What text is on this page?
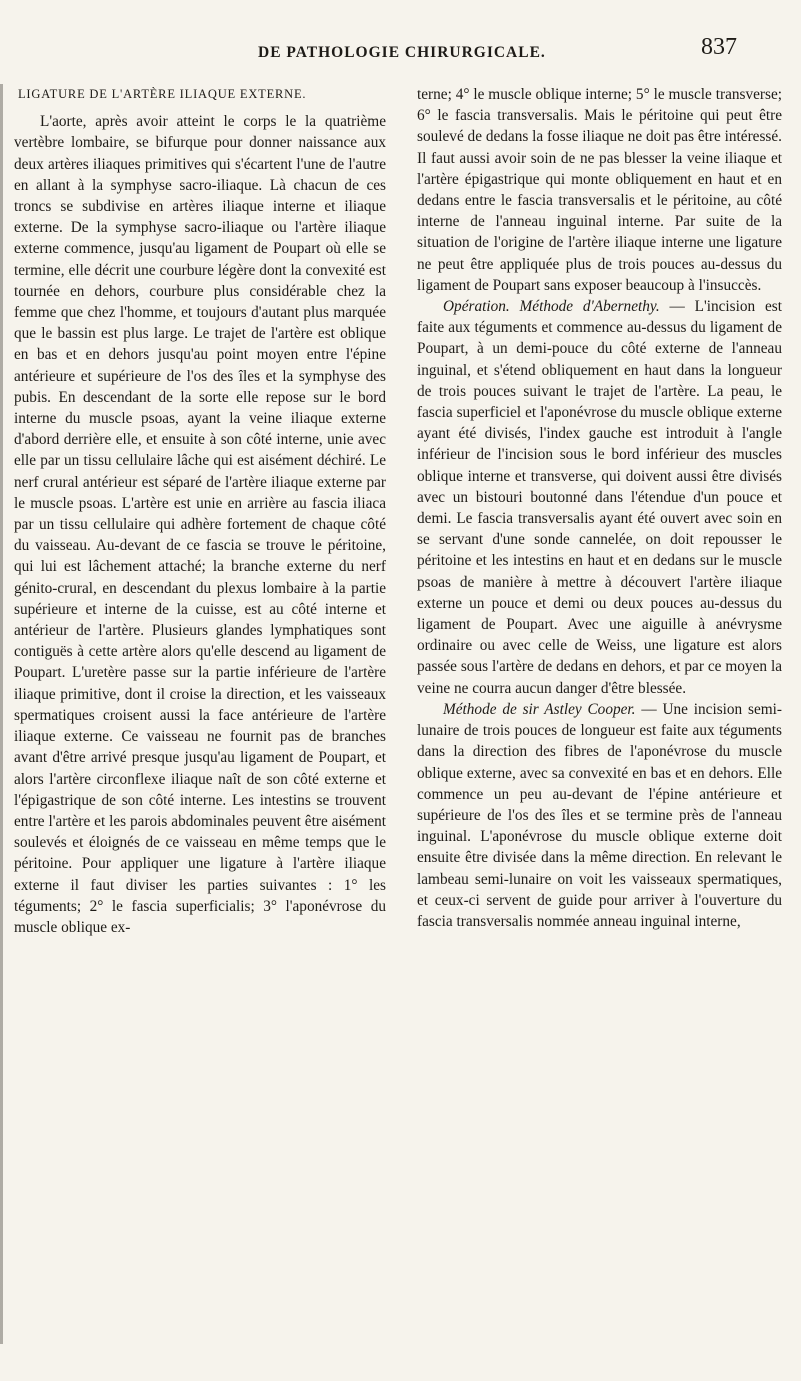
DE PATHOLOGIE CHIRURGICALE.	837
LIGATURE DE L'ARTÈRE ILIAQUE EXTERNE.

L'aorte, après avoir atteint le corps le la quatrième vertèbre lombaire, se bifurque pour donner naissance aux deux artères iliaques primitives qui s'écartent l'une de l'autre en allant à la symphyse sacro-iliaque. Là chacun de ces troncs se subdivise en artères iliaque interne et iliaque externe. De la symphyse sacro-iliaque ou l'artère iliaque externe commence, jusqu'au ligament de Poupart où elle se termine, elle décrit une courbure légère dont la convexité est tournée en dehors, courbure plus considérable chez la femme que chez l'homme, et toujours d'autant plus marquée que le bassin est plus large. Le trajet de l'artère est oblique en bas et en dehors jusqu'au point moyen entre l'épine antérieure et supérieure de l'os des îles et la symphyse des pubis. En descendant de la sorte elle repose sur le bord interne du muscle psoas, ayant la veine iliaque externe d'abord derrière elle, et ensuite à son côté interne, unie avec elle par un tissu cellulaire lâche qui est aisément déchiré. Le nerf crural antérieur est séparé de l'artère iliaque externe par le muscle psoas. L'artère est unie en arrière au fascia iliaca par un tissu cellulaire qui adhère fortement de chaque côté du vaisseau. Au-devant de ce fascia se trouve le péritoine, qui lui est lâchement attaché; la branche externe du nerf génito-crural, en descendant du plexus lombaire à la partie supérieure et interne de la cuisse, est au côté interne et antérieur de l'artère. Plusieurs glandes lymphatiques sont contiguës à cette artère alors qu'elle descend au ligament de Poupart. L'uretère passe sur la partie inférieure de l'artère iliaque primitive, dont il croise la direction, et les vaisseaux spermatiques croisent aussi la face antérieure de l'artère iliaque externe. Ce vaisseau ne fournit pas de branches avant d'être arrivé presque jusqu'au ligament de Poupart, et alors l'artère circonflexe iliaque naît de son côté externe et l'épigastrique de son côté interne. Les intestins se trouvent entre l'artère et les parois abdominales peuvent être aisément soulevés et éloignés de ce vaisseau en même temps que le péritoine. Pour appliquer une ligature à l'artère iliaque externe il faut diviser les parties suivantes : 1° les téguments; 2° le fascia superficialis; 3° l'aponévrose du muscle oblique ex-

terne; 4° le muscle oblique interne; 5° le muscle transverse; 6° le fascia transversalis. Mais le péritoine qui peut être soulevé de dedans la fosse iliaque ne doit pas être intéressé. Il faut aussi avoir soin de ne pas blesser la veine iliaque et l'artère épigastrique qui monte obliquement en haut et en dedans entre le fascia transversalis et le péritoine, au côté interne de l'anneau inguinal interne. Par suite de la situation de l'origine de l'artère iliaque interne une ligature ne peut être appliquée plus de trois pouces au-dessus du ligament de Poupart sans exposer beaucoup à l'insuccès.

Opération. Méthode d'Abernethy. — L'incision est faite aux téguments et commence au-dessus du ligament de Poupart, à un demi-pouce du côté externe de l'anneau inguinal, et s'étend obliquement en haut dans la longueur de trois pouces suivant le trajet de l'artère. La peau, le fascia superficiel et l'aponévrose du muscle oblique externe ayant été divisés, l'index gauche est introduit à l'angle inférieur de l'incision sous le bord inférieur des muscles oblique interne et transverse, qui doivent aussi être divisés avec un bistouri boutonné dans l'étendue d'un pouce et demi. Le fascia transversalis ayant été ouvert avec soin en se servant d'une sonde cannelée, on doit repousser le péritoine et les intestins en haut et en dedans sur le muscle psoas de manière à mettre à découvert l'artère iliaque externe un pouce et demi ou deux pouces au-dessus du ligament de Poupart. Avec une aiguille à anévrysme ordinaire ou avec celle de Weiss, une ligature est alors passée sous l'artère de dedans en dehors, et par ce moyen la veine ne courra aucun danger d'être blessée.

Méthode de sir Astley Cooper. — Une incision semi-lunaire de trois pouces de longueur est faite aux téguments dans la direction des fibres de l'aponévrose du muscle oblique externe, avec sa convexité en bas et en dehors. Elle commence un peu au-devant de l'épine antérieure et supérieure de l'os des îles et se termine près de l'anneau inguinal. L'aponévrose du muscle oblique externe doit ensuite être divisée dans la même direction. En relevant le lambeau semi-lunaire on voit les vaisseaux spermatiques, et ceux-ci servent de guide pour arriver à l'ouverture du fascia transversalis nommée anneau inguinal interne,
